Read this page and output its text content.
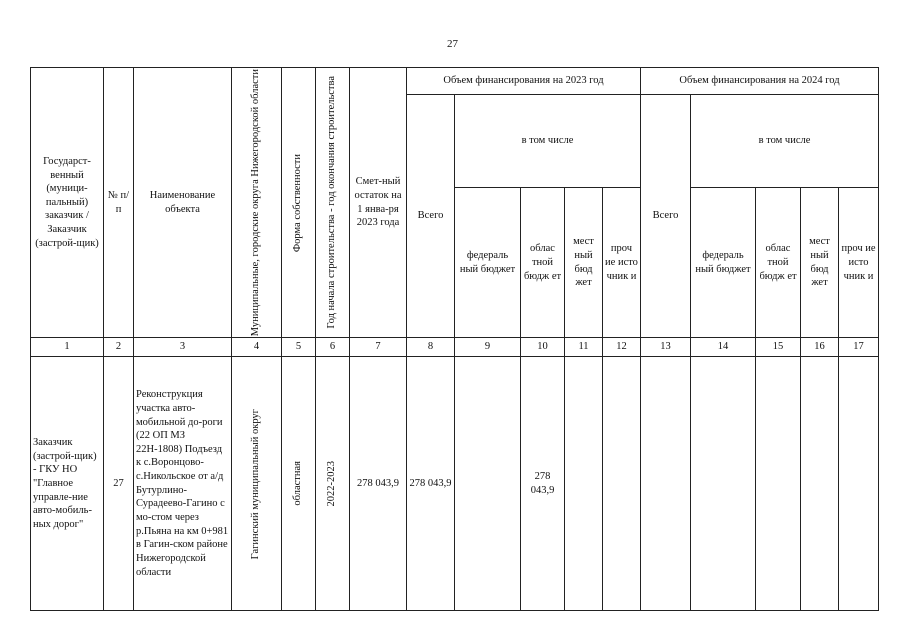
27
Государст-венный (муници-пальный) заказчик / Заказчик (застрой-щик)	№ п/п	Наименование объекта	Муниципальные, городские округа Нижегородской области	Форма собственности	Год начала строительства - год окончания строительства	Смет-ный остаток на 1 янва-ря 2023 года	Объем финансирования на 2023 год					Объем финансирования на 2024 год				
							Всего	в том числе				Всего	в том числе			
								федераль ный бюджет	облас тной бюдж ет	мест ный бюд жет	проч ие исто чник и		федераль ный бюджет	облас тной бюдж ет	мест ный бюд жет	проч ие исто чник и
1	2	3	4	5	6	7	8	9	10	11	12	13	14	15	16	17
Заказчик (застрой-щик) - ГКУ НО "Главное управле-ние авто-мобиль-ных дорог"	27	Реконструкция участка авто-мобильной до-роги (22 ОП МЗ 22Н-1808) Подъезд к с.Воронцово-с.Никольское от а/д Бутурлино-Сурадеево-Гагино с мо-стом через р.Пьяна на км 0+981 в Гагин-ском районе Нижегородской области	Гагинский муниципальный округ	областная	2022-2023	278 043,9	278 043,9		278 043,9							
